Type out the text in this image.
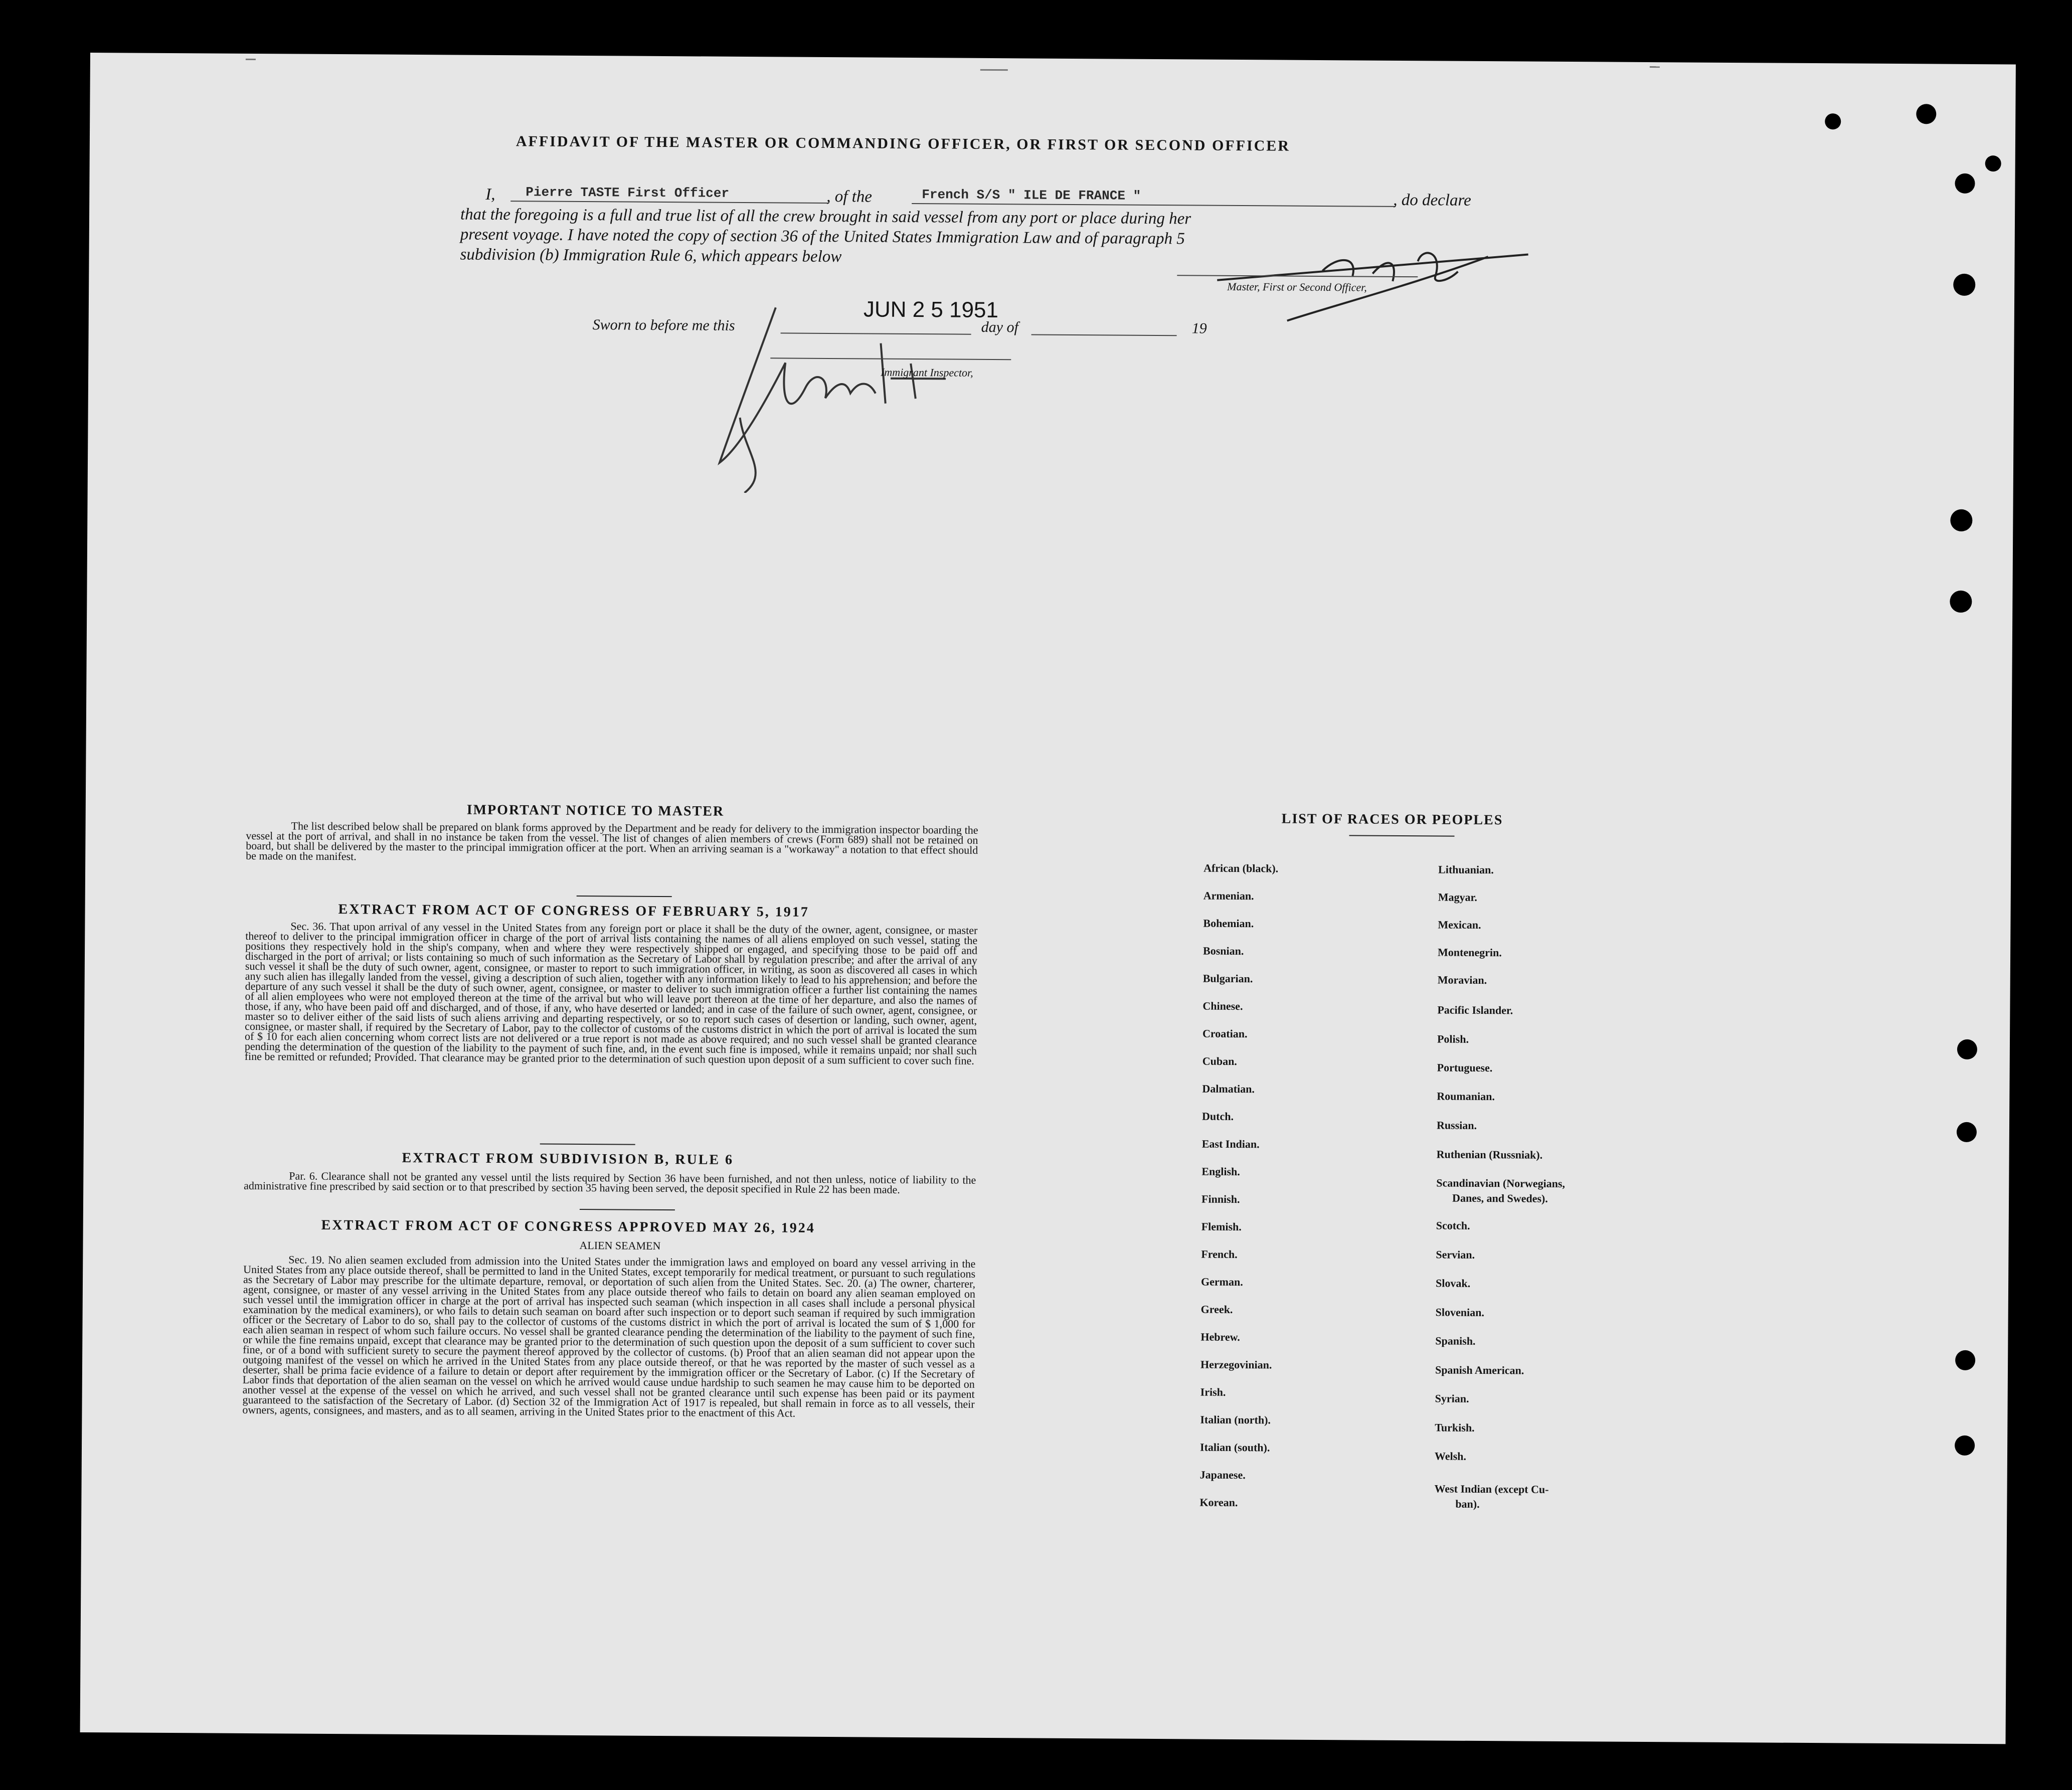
AFFIDAVIT OF THE MASTER OR COMMANDING OFFICER, OR FIRST OR SECOND OFFICER
I, Pierre TASTE First Officer	, of the	French S/S " ILE DE FRANCE "	, do declare
that the foregoing is a full and true list of all the crew brought in said vessel from any port or place during her
present voyage. I have noted the copy of section 36 of the United States Immigration Law and of paragraph 5
subdivision (b) Immigration Rule 6, which appears below
Master, First or Second Officer,
Sworn to before me this
JUN 2 5 1951
day of	19
Immigrant Inspector,
IMPORTANT NOTICE TO MASTER
The list described below shall be prepared on blank forms approved by the Department and be ready for delivery to the immigration inspector boarding the vessel at the port of arrival, and shall in no instance be taken from the vessel. The list of changes of alien members of crews (Form 689) shall not be retained on board, but shall be delivered by the master to the principal immigration officer at the port. When an arriving seaman is a "workaway" a notation to that effect should be made on the manifest.
EXTRACT FROM ACT OF CONGRESS OF FEBRUARY 5, 1917
Sec. 36. That upon arrival of any vessel in the United States from any foreign port or place it shall be the duty of the owner, agent, consignee, or master thereof to deliver to the principal immigration officer in charge of the port of arrival lists containing the names of all aliens employed on such vessel, stating the positions they respectively hold in the ship's company, when and where they were respectively shipped or engaged, and specifying those to be paid off and discharged in the port of arrival; or lists containing so much of such information as the Secretary of Labor shall by regulation prescribe; and after the arrival of any such vessel it shall be the duty of such owner, agent, consignee, or master to report to such immigration officer, in writing, as soon as discovered all cases in which any such alien has illegally landed from the vessel, giving a description of such alien, together with any information likely to lead to his apprehension; and before the departure of any such vessel it shall be the duty of such owner, agent, consignee, or master to deliver to such immigration officer a further list containing the names of all alien employees who were not employed thereon at the time of the arrival but who will leave port thereon at the time of her departure, and also the names of those, if any, who have been paid off and discharged, and of those, if any, who have deserted or landed; and in case of the failure of such owner, agent, consignee, or master so to deliver either of the said lists of such aliens arriving and departing respectively, or so to report such cases of desertion or landing, such owner, agent, consignee, or master shall, if required by the Secretary of Labor, pay to the collector of customs of the customs district in which the port of arrival is located the sum of $ 10 for each alien concerning whom correct lists are not delivered or a true report is not made as above required; and no such vessel shall be granted clearance pending the determination of the question of the liability to the payment of such fine, and, in the event such fine is imposed, while it remains unpaid; nor shall such fine be remitted or refunded; Provided. That clearance may be granted prior to the determination of such question upon deposit of a sum sufficient to cover such fine.
EXTRACT FROM SUBDIVISION B, RULE 6
Par. 6. Clearance shall not be granted any vessel until the lists required by Section 36 have been furnished, and not then unless, notice of liability to the administrative fine prescribed by said section or to that prescribed by section 35 having been served, the deposit specified in Rule 22 has been made.
EXTRACT FROM ACT OF CONGRESS APPROVED MAY 26, 1924
ALIEN SEAMEN
Sec. 19. No alien seamen excluded from admission into the United States under the immigration laws and employed on board any vessel arriving in the United States from any place outside thereof, shall be permitted to land in the United States, except temporarily for medical treatment, or pursuant to such regulations as the Secretary of Labor may prescribe for the ultimate departure, removal, or deportation of such alien from the United States. Sec. 20. (a) The owner, charterer, agent, consignee, or master of any vessel arriving in the United States from any place outside thereof who fails to detain on board any alien seaman employed on such vessel until the immigration officer in charge at the port of arrival has inspected such seaman (which inspection in all cases shall include a personal physical examination by the medical examiners), or who fails to detain such seaman on board after such inspection or to deport such seaman if required by such immigration officer or the Secretary of Labor to do so, shall pay to the collector of customs of the customs district in which the port of arrival is located the sum of $ 1,000 for each alien seaman in respect of whom such failure occurs. No vessel shall be granted clearance pending the determination of the liability to the payment of such fine, or while the fine remains unpaid, except that clearance may be granted prior to the determination of such question upon the deposit of a sum sufficient to cover such fine, or of a bond with sufficient surety to secure the payment thereof approved by the collector of customs. (b) Proof that an alien seaman did not appear upon the outgoing manifest of the vessel on which he arrived in the United States from any place outside thereof, or that he was reported by the master of such vessel as a deserter, shall be prima facie evidence of a failure to detain or deport after requirement by the immigration officer or the Secretary of Labor. (c) If the Secretary of Labor finds that deportation of the alien seaman on the vessel on which he arrived would cause undue hardship to such seamen he may cause him to be deported on another vessel at the expense of the vessel on which he arrived, and such vessel shall not be granted clearance until such expense has been paid or its payment guaranteed to the satisfaction of the Secretary of Labor. (d) Section 32 of the Immigration Act of 1917 is repealed, but shall remain in force as to all vessels, their owners, agents, consignees, and masters, and as to all seamen, arriving in the United States prior to the enactment of this Act.
LIST OF RACES OR PEOPLES
African (black).
Armenian.
Bohemian.
Bosnian.
Bulgarian.
Chinese.
Croatian.
Cuban.
Dalmatian.
Dutch.
East Indian.
English.
Finnish.
Flemish.
French.
German.
Greek.
Hebrew.
Herzegovinian.
Irish.
Italian (north).
Italian (south).
Japanese.
Korean.
Lithuanian.
Magyar.
Mexican.
Montenegrin.
Moravian.
Pacific Islander.
Polish.
Portuguese.
Roumanian.
Russian.
Ruthenian (Russniak).
Scandinavian (Norwegians,
Danes, and Swedes).
Scotch.
Servian.
Slovak.
Slovenian.
Spanish.
Spanish American.
Syrian.
Turkish.
Welsh.
West Indian (except Cu-
ban).
